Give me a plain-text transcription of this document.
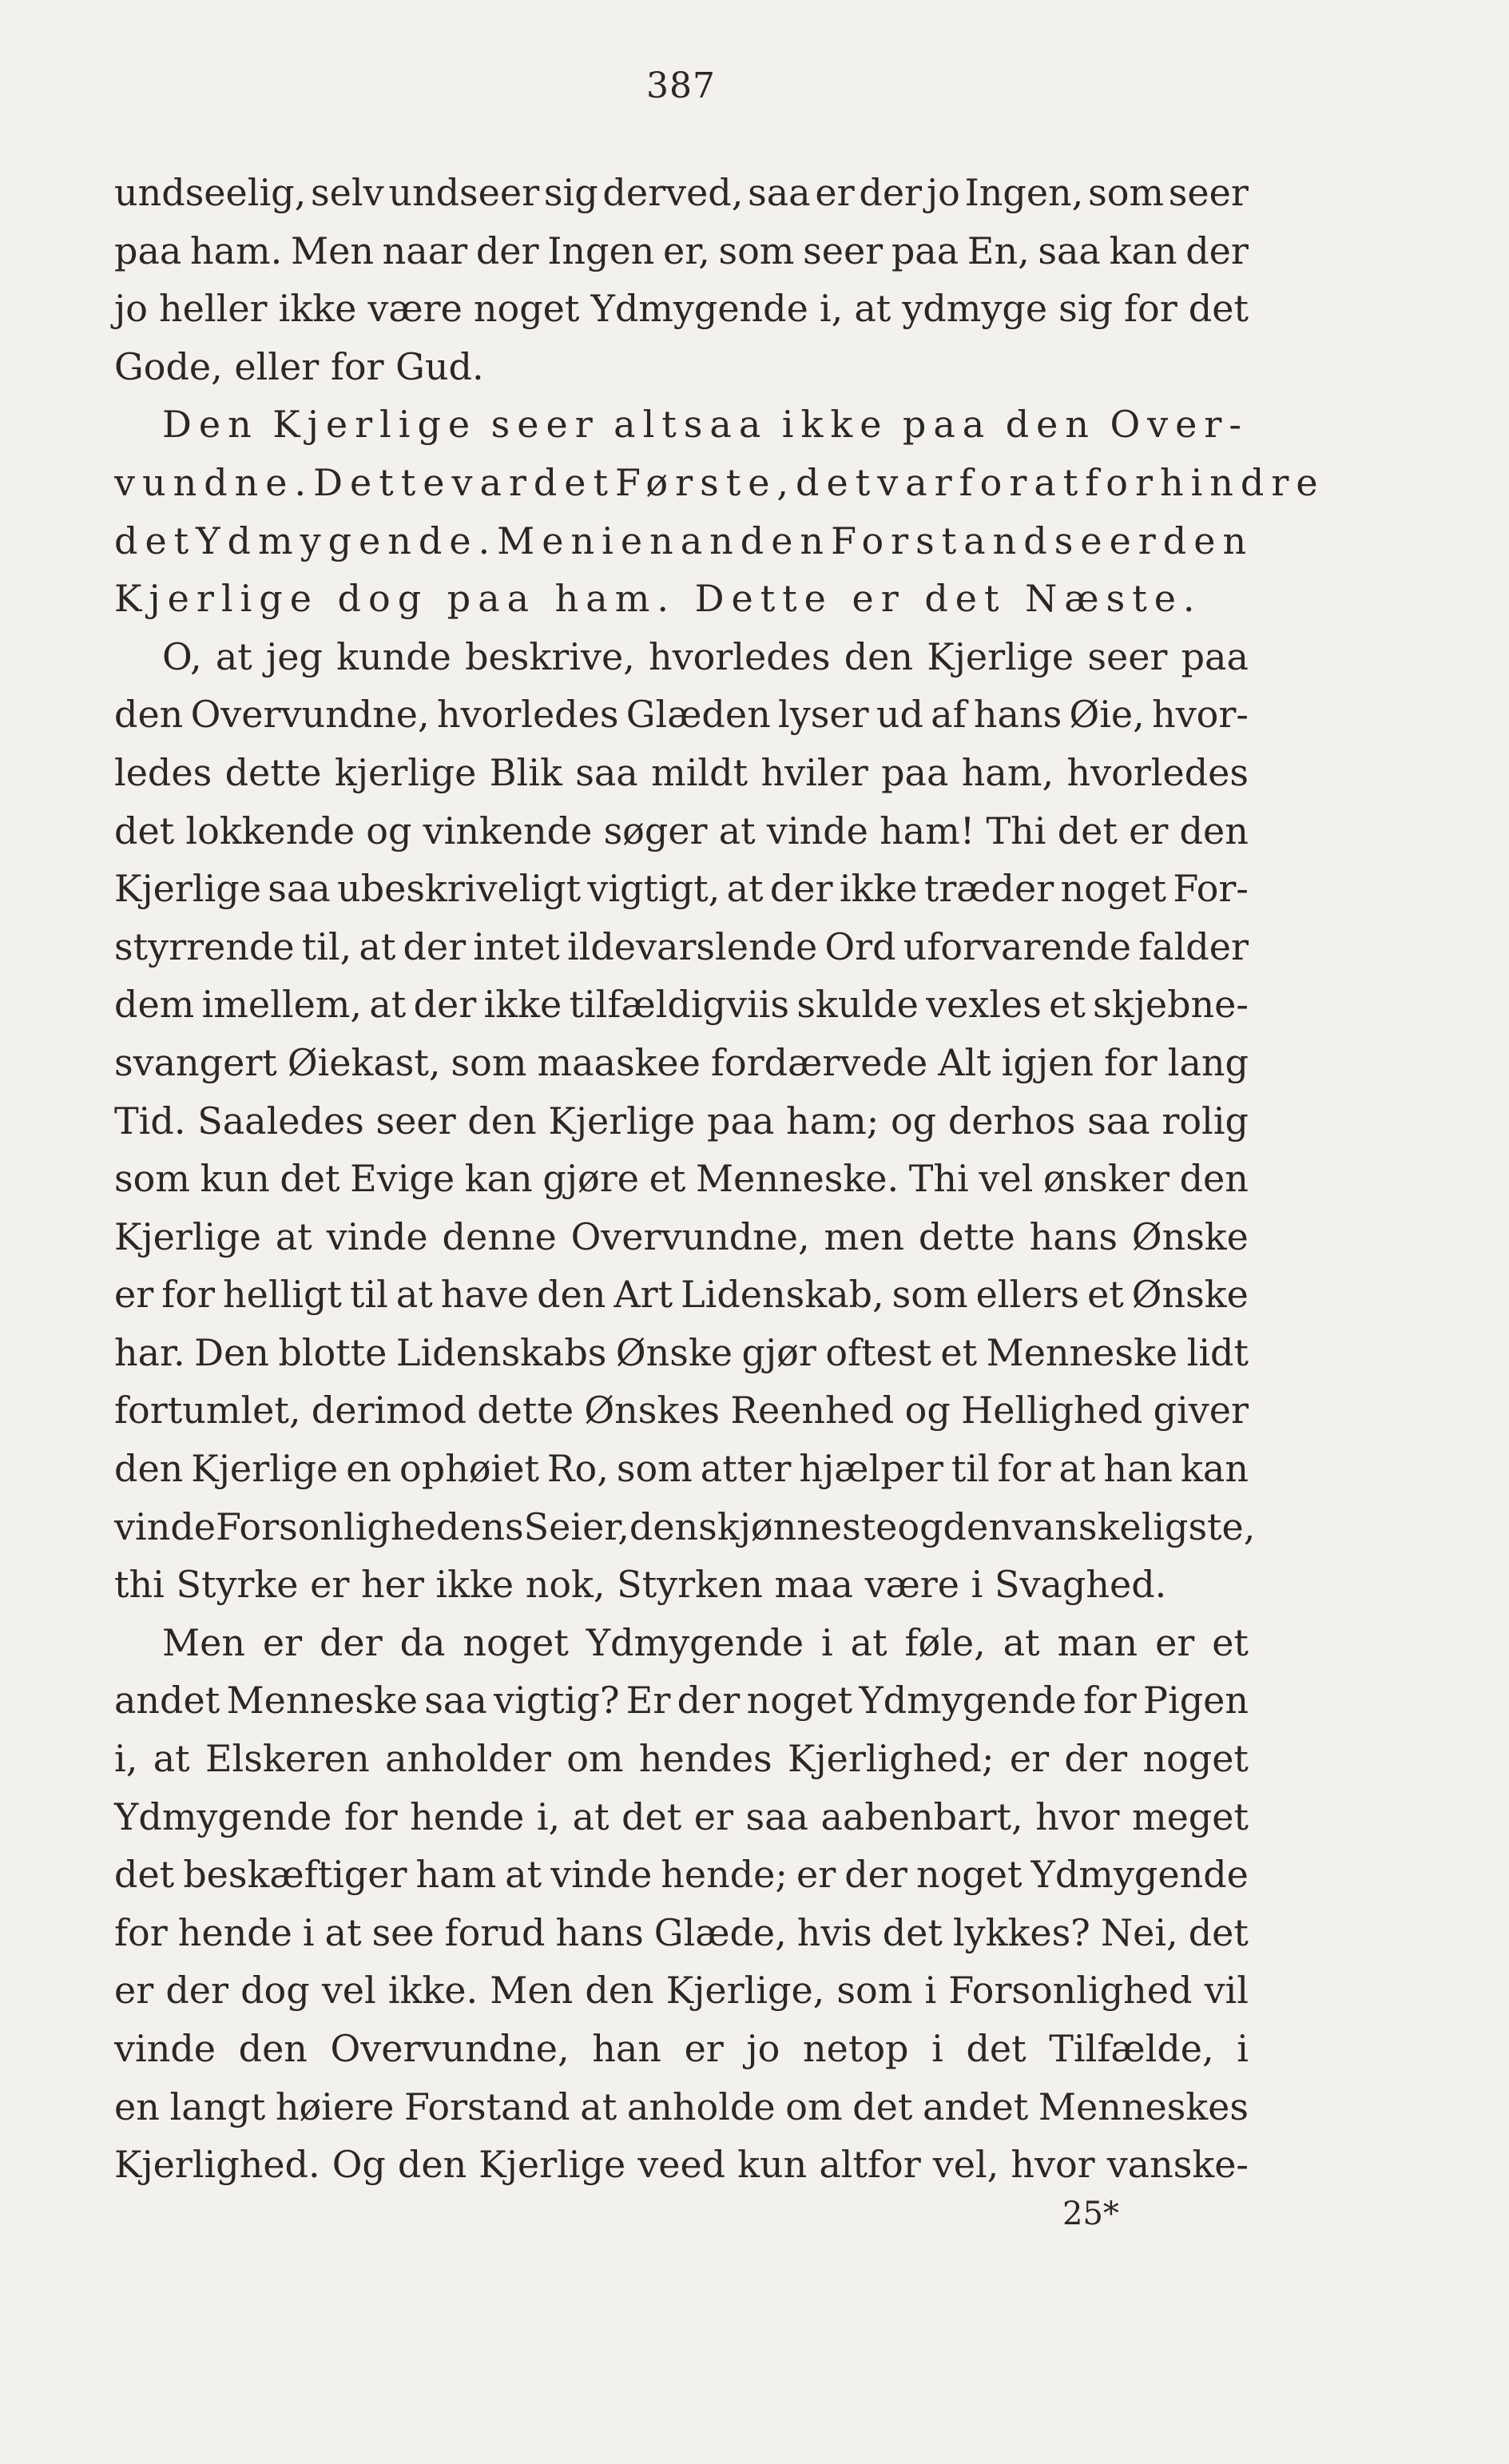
387
undseelig, selv undseer sig derved, saa er der jo Ingen, som seer
paa ham. Men naar der Ingen er, som seer paa En, saa kan der
jo heller ikke være noget Ydmygende i, at ydmyge sig for det
Gode, eller for Gud.
Den Kjerlige seer altsaa ikke paa den Over-
vundne. Dette var det Første, det var for at forhindre
det Ydmygende. Men i en anden Forstand seer den
Kjerlige dog paa ham. Dette er det Næste.
O, at jeg kunde beskrive, hvorledes den Kjerlige seer paa
den Overvundne, hvorledes Glæden lyser ud af hans Øie, hvor-
ledes dette kjerlige Blik saa mildt hviler paa ham, hvorledes
det lokkende og vinkende søger at vinde ham! Thi det er den
Kjerlige saa ubeskriveligt vigtigt, at der ikke træder noget For-
styrrende til, at der intet ildevarslende Ord uforvarende falder
dem imellem, at der ikke tilfældigviis skulde vexles et skjebne-
svangert Øiekast, som maaskee fordærvede Alt igjen for lang
Tid. Saaledes seer den Kjerlige paa ham; og derhos saa rolig
som kun det Evige kan gjøre et Menneske. Thi vel ønsker den
Kjerlige at vinde denne Overvundne, men dette hans Ønske
er for helligt til at have den Art Lidenskab, som ellers et Ønske
har. Den blotte Lidenskabs Ønske gjør oftest et Menneske lidt
fortumlet, derimod dette Ønskes Reenhed og Hellighed giver
den Kjerlige en ophøiet Ro, som atter hjælper til for at han kan
vinde Forsonlighedens Seier, den skjønneste og den vanskeligste,
thi Styrke er her ikke nok, Styrken maa være i Svaghed.
Men er der da noget Ydmygende i at føle, at man er et
andet Menneske saa vigtig? Er der noget Ydmygende for Pigen
i, at Elskeren anholder om hendes Kjerlighed; er der noget
Ydmygende for hende i, at det er saa aabenbart, hvor meget
det beskæftiger ham at vinde hende; er der noget Ydmygende
for hende i at see forud hans Glæde, hvis det lykkes? Nei, det
er der dog vel ikke. Men den Kjerlige, som i Forsonlighed vil
vinde den Overvundne, han er jo netop i det Tilfælde, i
en langt høiere Forstand at anholde om det andet Menneskes
Kjerlighed. Og den Kjerlige veed kun altfor vel, hvor vanske-
25*
